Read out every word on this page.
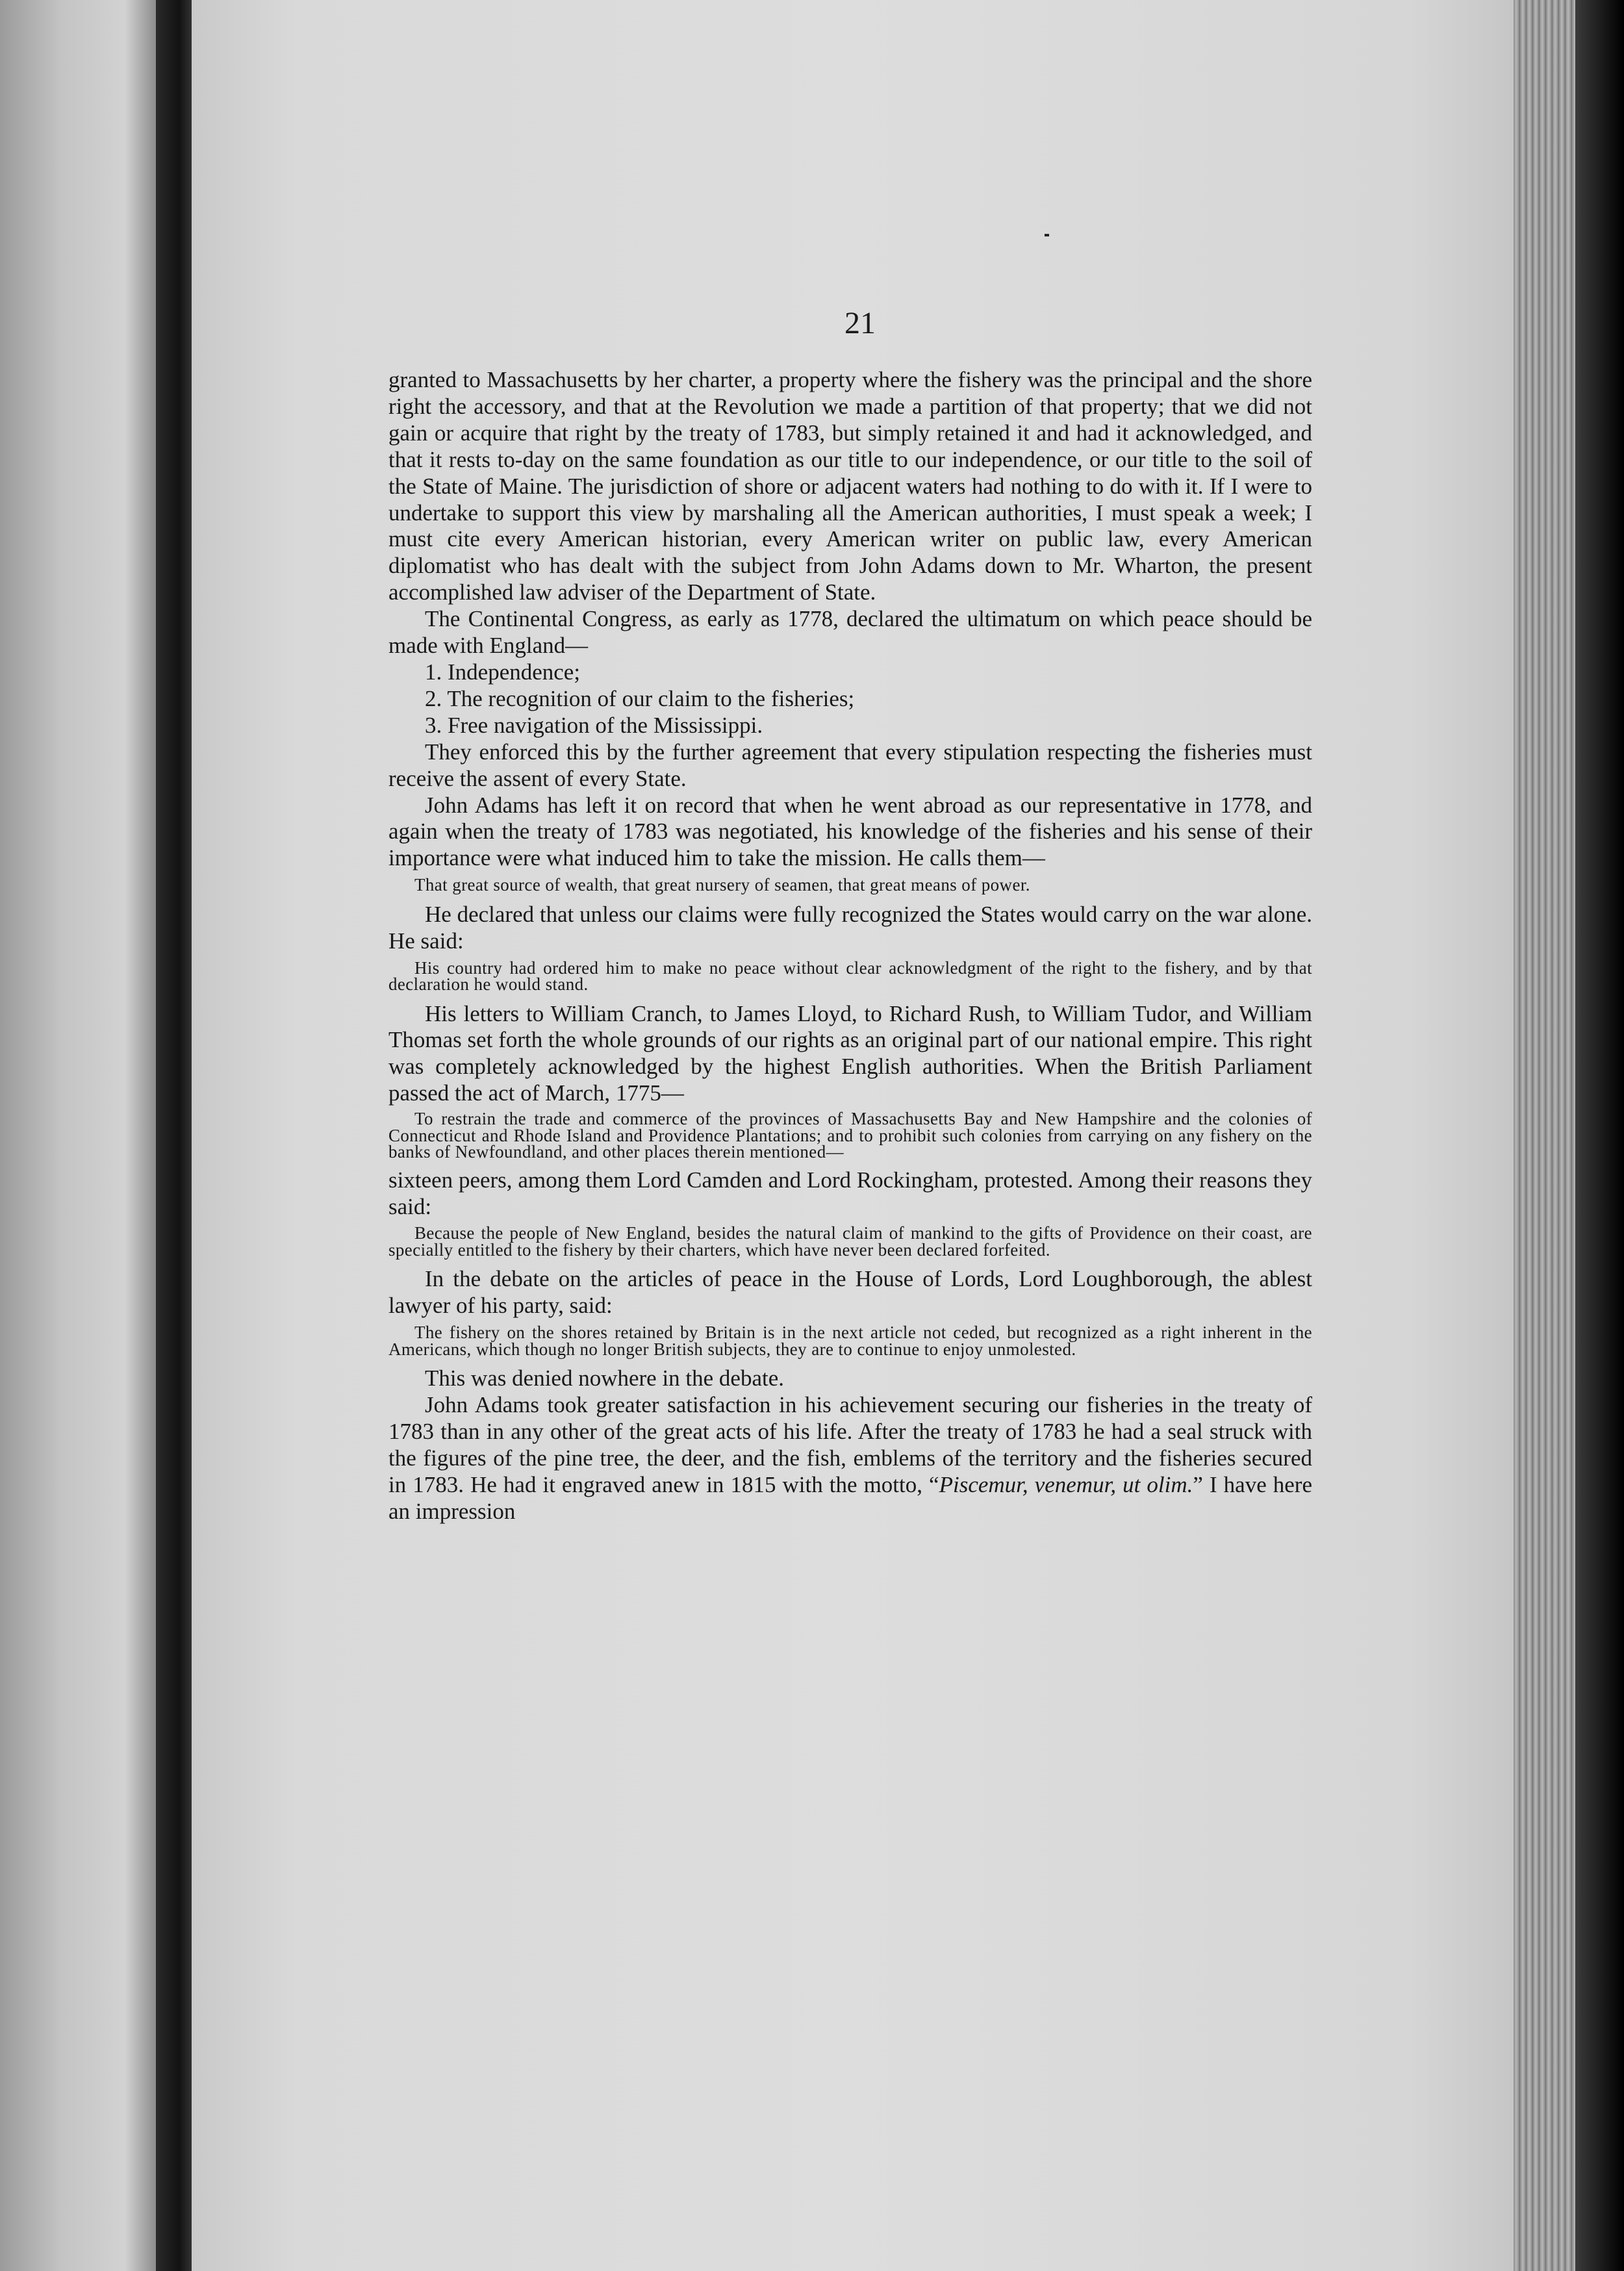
21

granted to Massachusetts by her charter, a property where the fishery was the principal and the shore right the accessory, and that at the Revolution we made a partition of that property; that we did not gain or acquire that right by the treaty of 1783, but simply retained it and had it acknowledged, and that it rests to-day on the same foundation as our title to our independence, or our title to the soil of the State of Maine. The jurisdiction of shore or adjacent waters had nothing to do with it. If I were to undertake to support this view by marshaling all the American authorities, I must speak a week; I must cite every American historian, every American writer on public law, every American diplomatist who has dealt with the subject from John Adams down to Mr. Wharton, the present accomplished law adviser of the Department of State.

The Continental Congress, as early as 1778, declared the ultimatum on which peace should be made with England—

1. Independence;

2. The recognition of our claim to the fisheries;

3. Free navigation of the Mississippi.

They enforced this by the further agreement that every stipulation respecting the fisheries must receive the assent of every State.

John Adams has left it on record that when he went abroad as our representative in 1778, and again when the treaty of 1783 was negotiated, his knowledge of the fisheries and his sense of their importance were what induced him to take the mission. He calls them—

That great source of wealth, that great nursery of seamen, that great means of power.

He declared that unless our claims were fully recognized the States would carry on the war alone. He said:

His country had ordered him to make no peace without clear acknowledgment of the right to the fishery, and by that declaration he would stand.

His letters to William Cranch, to James Lloyd, to Richard Rush, to William Tudor, and William Thomas set forth the whole grounds of our rights as an original part of our national empire. This right was completely acknowledged by the highest English authorities. When the British Parliament passed the act of March, 1775—

To restrain the trade and commerce of the provinces of Massachusetts Bay and New Hampshire and the colonies of Connecticut and Rhode Island and Providence Plantations; and to prohibit such colonies from carrying on any fishery on the banks of Newfoundland, and other places therein mentioned—

sixteen peers, among them Lord Camden and Lord Rockingham, protested. Among their reasons they said:

Because the people of New England, besides the natural claim of mankind to the gifts of Providence on their coast, are specially entitled to the fishery by their charters, which have never been declared forfeited.

In the debate on the articles of peace in the House of Lords, Lord Loughborough, the ablest lawyer of his party, said:

The fishery on the shores retained by Britain is in the next article not ceded, but recognized as a right inherent in the Americans, which though no longer British subjects, they are to continue to enjoy unmolested.

This was denied nowhere in the debate.

John Adams took greater satisfaction in his achievement securing our fisheries in the treaty of 1783 than in any other of the great acts of his life. After the treaty of 1783 he had a seal struck with the figures of the pine tree, the deer, and the fish, emblems of the territory and the fisheries secured in 1783. He had it engraved anew in 1815 with the motto, “Piscemur, venemur, ut olim.” I have here an impression
